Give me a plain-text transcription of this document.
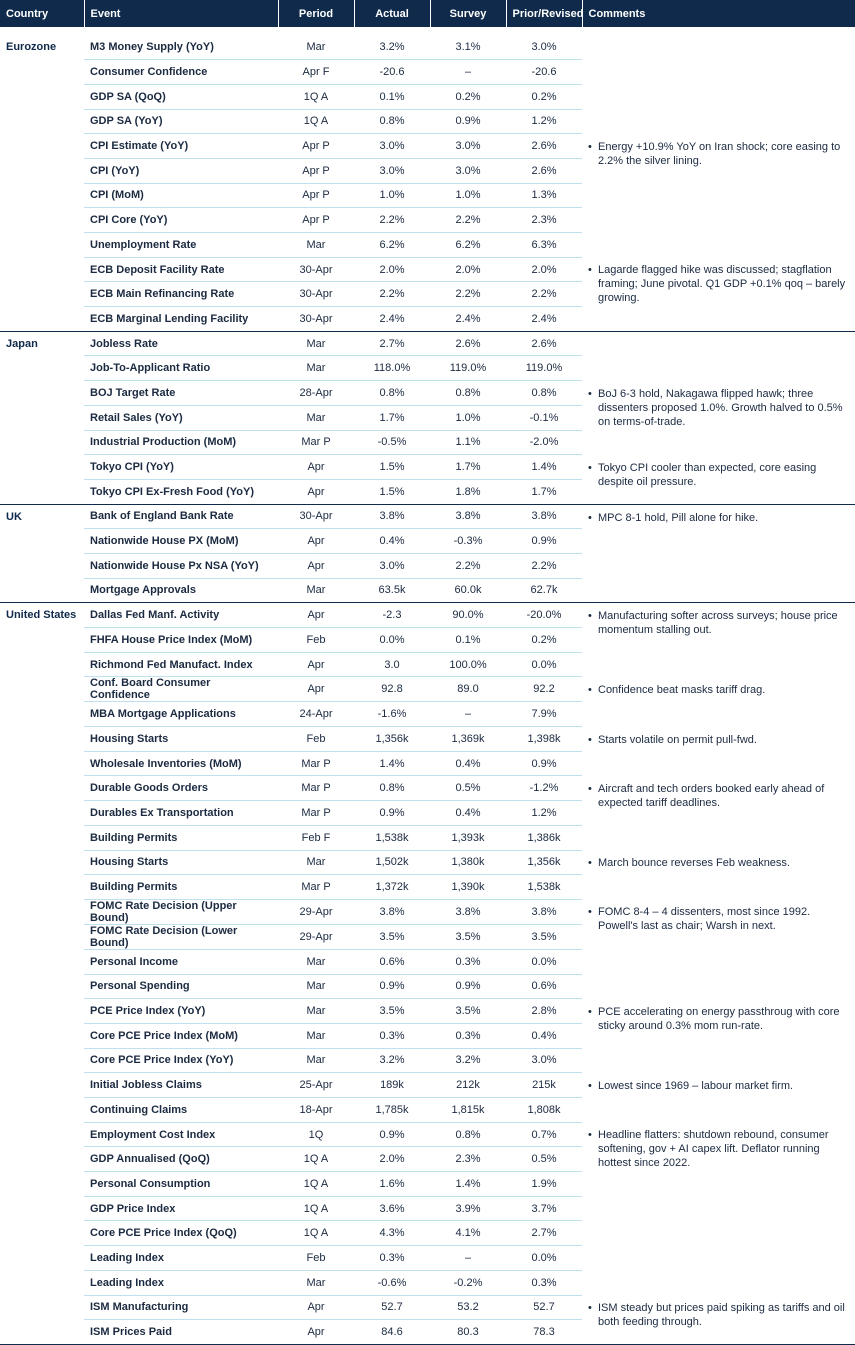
Country	Event	Period	Actual	Survey	Prior/Revised	Comments

Eurozone	M3 Money Supply (YoY)	Mar	3.2%	3.1%	3.0%	
	Consumer Confidence	Apr F	-20.6	–	-20.6	
	GDP SA (QoQ)	1Q A	0.1%	0.2%	0.2%	
	GDP SA (YoY)	1Q A	0.8%	0.9%	1.2%	
	CPI Estimate (YoY)	Apr P	3.0%	3.0%	2.6%	• Energy +10.9% YoY on Iran shock; core easing to 2.2% the silver lining.

	CPI (YoY)	Apr P	3.0%	3.0%	2.6%	
	CPI (MoM)	Apr P	1.0%	1.0%	1.3%	
	CPI Core (YoY)	Apr P	2.2%	2.2%	2.3%	
	Unemployment Rate	Mar	6.2%	6.2%	6.3%	
	ECB Deposit Facility Rate	30-Apr	2.0%	2.0%	2.0%	• Lagarde flagged hike was discussed; stagflation framing; June pivotal. Q1 GDP +0.1% qoq – barely growing.

	ECB Main Refinancing Rate	30-Apr	2.2%	2.2%	2.2%	
	ECB Marginal Lending Facility	30-Apr	2.4%	2.4%	2.4%	
Japan	Jobless Rate	Mar	2.7%	2.6%	2.6%	
	Job-To-Applicant Ratio	Mar	118.0%	119.0%	119.0%	
	BOJ Target Rate	28-Apr	0.8%	0.8%	0.8%	• BoJ 6-3 hold, Nakagawa flipped hawk; three dissenters proposed 1.0%. Growth halved to 0.5% on terms-of-trade.

	Retail Sales (YoY)	Mar	1.7%	1.0%	-0.1%	
	Industrial Production (MoM)	Mar P	-0.5%	1.1%	-2.0%	
	Tokyo CPI (YoY)	Apr	1.5%	1.7%	1.4%	• Tokyo CPI cooler than expected, core easing despite oil pressure.

	Tokyo CPI Ex-Fresh Food (YoY)	Apr	1.5%	1.8%	1.7%	
UK	Bank of England Bank Rate	30-Apr	3.8%	3.8%	3.8%	• MPC 8-1 hold, Pill alone for hike.

	Nationwide House PX (MoM)	Apr	0.4%	-0.3%	0.9%	
	Nationwide House Px NSA (YoY)	Apr	3.0%	2.2%	2.2%	
	Mortgage Approvals	Mar	63.5k	60.0k	62.7k	
United States	Dallas Fed Manf. Activity	Apr	-2.3	90.0%	-20.0%	• Manufacturing softer across surveys; house price momentum stalling out.

	FHFA House Price Index (MoM)	Feb	0.0%	0.1%	0.2%	
	Richmond Fed Manufact. Index	Apr	3.0	100.0%	0.0%	
	Conf. Board Consumer Confidence	Apr	92.8	89.0	92.2	• Confidence beat masks tariff drag.

	MBA Mortgage Applications	24-Apr	-1.6%	–	7.9%	
	Housing Starts	Feb	1,356k	1,369k	1,398k	• Starts volatile on permit pull-fwd.

	Wholesale Inventories (MoM)	Mar P	1.4%	0.4%	0.9%	
	Durable Goods Orders	Mar P	0.8%	0.5%	-1.2%	• Aircraft and tech orders booked early ahead of expected tariff deadlines.

	Durables Ex Transportation	Mar P	0.9%	0.4%	1.2%	
	Building Permits	Feb F	1,538k	1,393k	1,386k	
	Housing Starts	Mar	1,502k	1,380k	1,356k	• March bounce reverses Feb weakness.

	Building Permits	Mar P	1,372k	1,390k	1,538k	
	FOMC Rate Decision (Upper Bound)	29-Apr	3.8%	3.8%	3.8%	• FOMC 8-4 – 4 dissenters, most since 1992. Powell's last as chair; Warsh in next.

	FOMC Rate Decision (Lower Bound)	29-Apr	3.5%	3.5%	3.5%	
	Personal Income	Mar	0.6%	0.3%	0.0%	
	Personal Spending	Mar	0.9%	0.9%	0.6%	
	PCE Price Index (YoY)	Mar	3.5%	3.5%	2.8%	• PCE accelerating on energy passthroug with core sticky around 0.3% mom run-rate.

	Core PCE Price Index (MoM)	Mar	0.3%	0.3%	0.4%	
	Core PCE Price Index (YoY)	Mar	3.2%	3.2%	3.0%	
	Initial Jobless Claims	25-Apr	189k	212k	215k	• Lowest since 1969 – labour market firm.

	Continuing Claims	18-Apr	1,785k	1,815k	1,808k	
	Employment Cost Index	1Q	0.9%	0.8%	0.7%	• Headline flatters: shutdown rebound, consumer softening, gov + AI capex lift. Deflator running hottest since 2022.

	GDP Annualised (QoQ)	1Q A	2.0%	2.3%	0.5%	
	Personal Consumption	1Q A	1.6%	1.4%	1.9%	
	GDP Price Index	1Q A	3.6%	3.9%	3.7%	
	Core PCE Price Index (QoQ)	1Q A	4.3%	4.1%	2.7%	
	Leading Index	Feb	0.3%	–	0.0%	
	Leading Index	Mar	-0.6%	-0.2%	0.3%	
	ISM Manufacturing	Apr	52.7	53.2	52.7	• ISM steady but prices paid spiking as tariffs and oil both feeding through.

	ISM Prices Paid	Apr	84.6	80.3	78.3	
